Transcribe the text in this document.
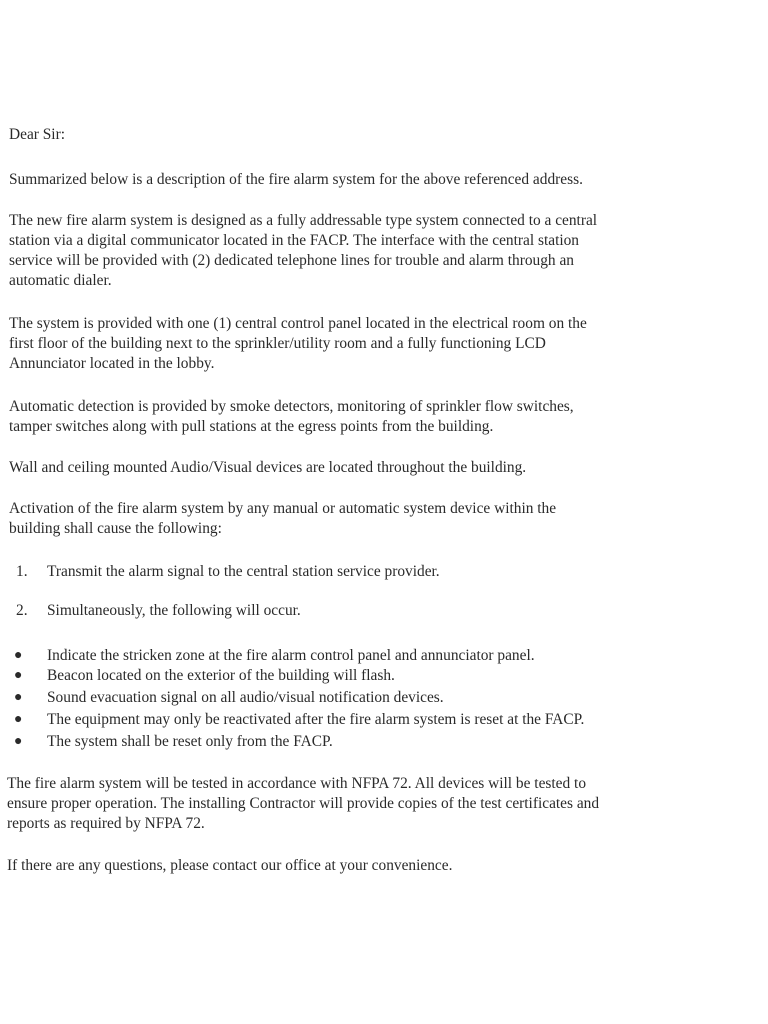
Dear Sir:
Summarized below is a description of the fire alarm system for the above referenced address.
The new fire alarm system is designed as a fully addressable type system connected to a central
station via a digital communicator located in the FACP. The interface with the central station
service will be provided with (2) dedicated telephone lines for trouble and alarm through an
automatic dialer.
The system is provided with one (1) central control panel located in the electrical room on the
first floor of the building next to the sprinkler/utility room and a fully functioning LCD
Annunciator located in the lobby.
Automatic detection is provided by smoke detectors, monitoring of sprinkler flow switches,
tamper switches along with pull stations at the egress points from the building.
Wall and ceiling mounted Audio/Visual devices are located throughout the building.
Activation of the fire alarm system by any manual or automatic system device within the
building shall cause the following:
1. Transmit the alarm signal to the central station service provider.
2. Simultaneously, the following will occur.
● Indicate the stricken zone at the fire alarm control panel and annunciator panel.
● Beacon located on the exterior of the building will flash.
● Sound evacuation signal on all audio/visual notification devices.
● The equipment may only be reactivated after the fire alarm system is reset at the FACP.
● The system shall be reset only from the FACP.
The fire alarm system will be tested in accordance with NFPA 72. All devices will be tested to
ensure proper operation. The installing Contractor will provide copies of the test certificates and
reports as required by NFPA 72.
If there are any questions, please contact our office at your convenience.
